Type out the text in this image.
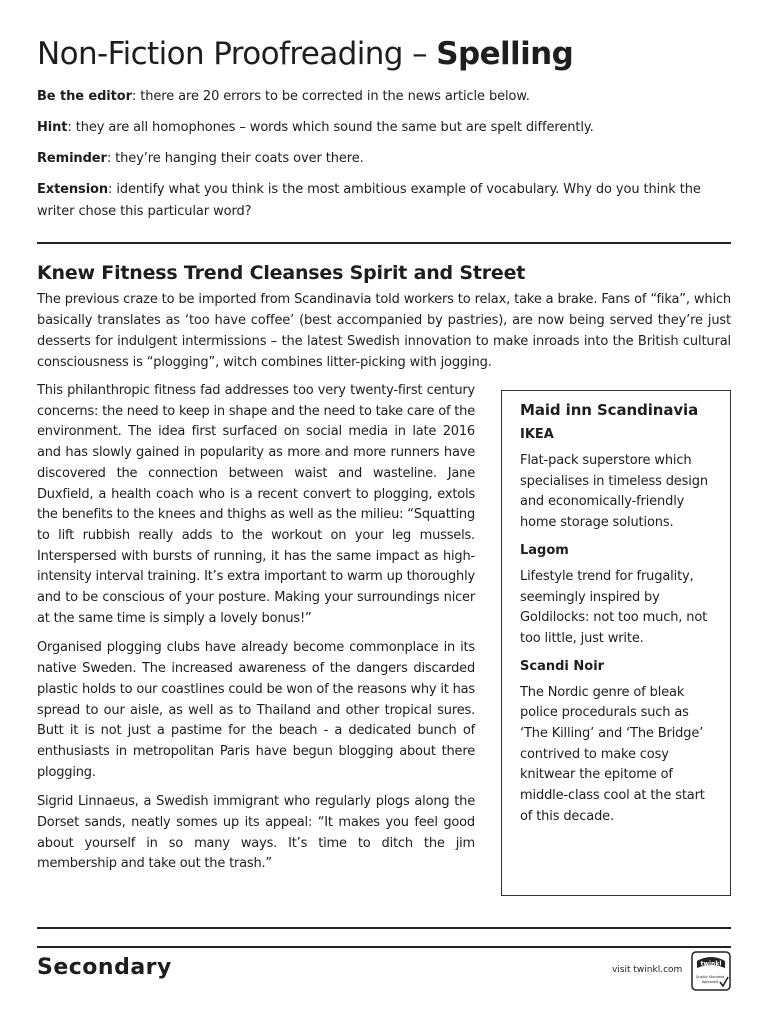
Non-Fiction Proofreading – Spelling

Be the editor: there are 20 errors to be corrected in the news article below.

Hint: they are all homophones – words which sound the same but are spelt differently.

Reminder: they’re hanging their coats over there.

Extension: identify what you think is the most ambitious example of vocabulary. Why do you think the writer chose this particular word?

Knew Fitness Trend Cleanses Spirit and Street

The previous craze to be imported from Scandinavia told workers to relax, take a brake. Fans of “fika”, which basically translates as ‘too have coffee’ (best accompanied by pastries), are now being served they’re just desserts for indulgent intermissions – the latest Swedish innovation to make inroads into the British cultural consciousness is “plogging”, witch combines litter-picking with jogging.

This philanthropic fitness fad addresses too very twenty-first century concerns: the need to keep in shape and the need to take care of the environment. The idea first surfaced on social media in late 2016 and has slowly gained in popularity as more and more runners have discovered the connection between waist and wasteline. Jane Duxfield, a health coach who is a recent convert to plogging, extols the benefits to the knees and thighs as well as the milieu: “Squatting to lift rubbish really adds to the workout on your leg mussels. Interspersed with bursts of running, it has the same impact as high-intensity interval training. It’s extra important to warm up thoroughly and to be conscious of your posture. Making your surroundings nicer at the same time is simply a lovely bonus!”

Organised plogging clubs have already become commonplace in its native Sweden. The increased awareness of the dangers discarded plastic holds to our coastlines could be won of the reasons why it has spread to our aisle, as well as to Thailand and other tropical sures. Butt it is not just a pastime for the beach - a dedicated bunch of enthusiasts in metropolitan Paris have begun blogging about there plogging.

Sigrid Linnaeus, a Swedish immigrant who regularly plogs along the Dorset sands, neatly somes up its appeal: “It makes you feel good about yourself in so many ways. It’s time to ditch the jim membership and take out the trash.”

Maid inn Scandinavia

IKEA

Flat-pack superstore which specialises in timeless design and economically-friendly home storage solutions.

Lagom

Lifestyle trend for frugality, seemingly inspired by Goldilocks: not too much, not too little, just write.

Scandi Noir

The Nordic genre of bleak police procedurals such as ‘The Killing’ and ‘The Bridge’ contrived to make cosy knitwear the epitome of middle-class cool at the start of this decade.

Secondary	visit twinkl.com
twinkl
Quality Standard
Approved
